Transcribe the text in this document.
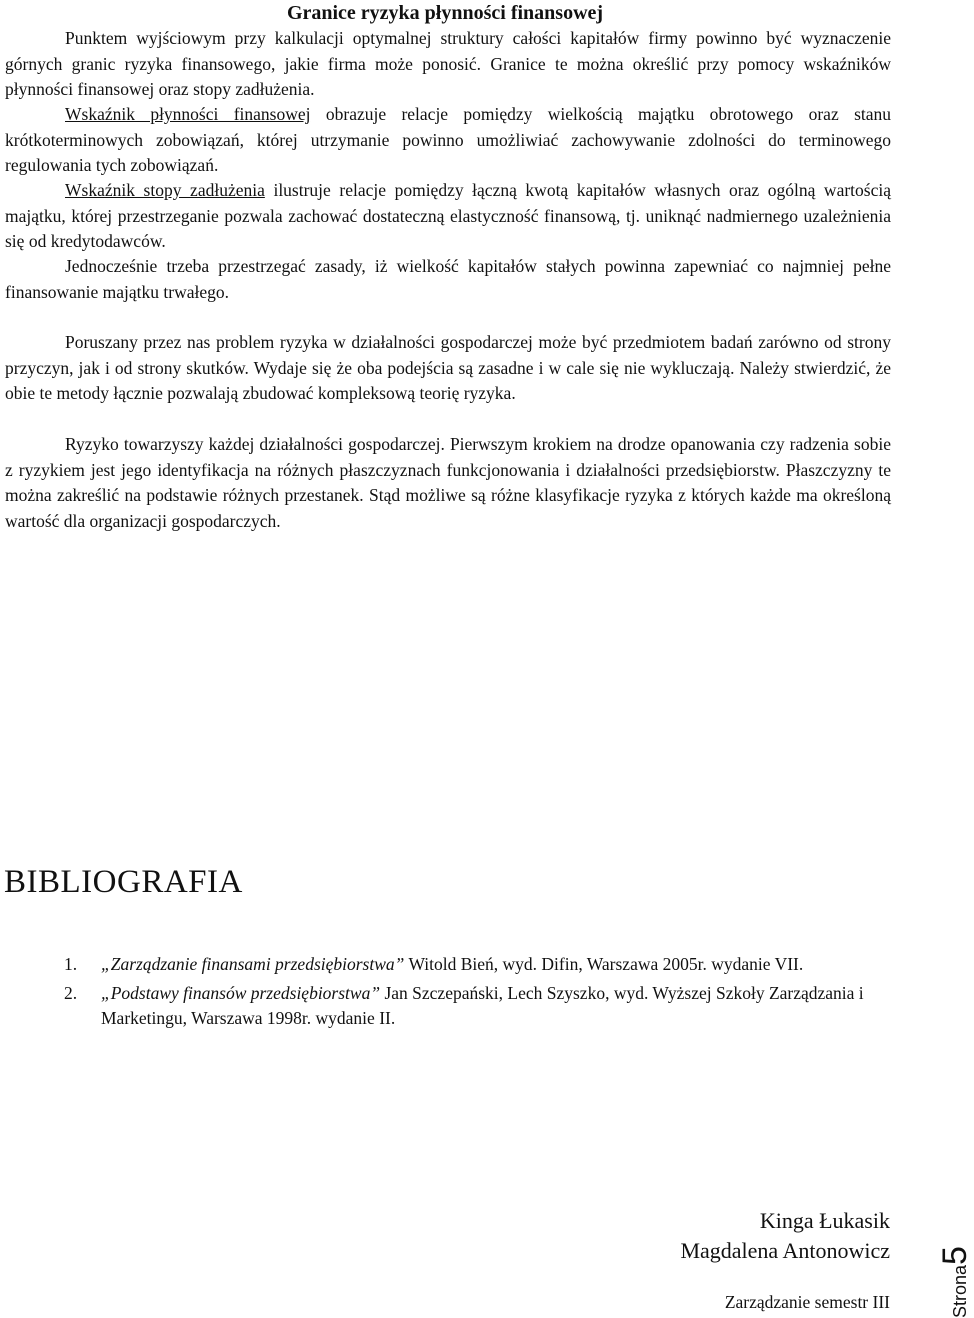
Granice ryzyka płynności finansowej

Punktem wyjściowym przy kalkulacji optymalnej struktury całości kapitałów firmy powinno być wyznaczenie górnych granic ryzyka finansowego, jakie firma może ponosić. Granice te można określić przy pomocy wskaźników płynności finansowej oraz stopy zadłużenia.

Wskaźnik płynności finansowej obrazuje relacje pomiędzy wielkością majątku obrotowego oraz stanu krótkoterminowych zobowiązań, której utrzymanie powinno umożliwiać zachowywanie zdolności do terminowego regulowania tych zobowiązań.

Wskaźnik stopy zadłużenia ilustruje relacje pomiędzy łączną kwotą kapitałów własnych oraz ogólną wartością majątku, której przestrzeganie pozwala zachować dostateczną elastyczność finansową, tj. uniknąć nadmiernego uzależnienia się od kredytodawców.

Jednocześnie trzeba przestrzegać zasady, iż wielkość kapitałów stałych powinna zapewniać co najmniej pełne finansowanie majątku trwałego.

Poruszany przez nas problem ryzyka w działalności gospodarczej może być przedmiotem badań zarówno od strony przyczyn, jak i od strony skutków. Wydaje się że oba podejścia są zasadne i w cale się nie wykluczają. Należy stwierdzić, że obie te metody łącznie pozwalają zbudować kompleksową teorię ryzyka.

Ryzyko towarzyszy każdej działalności gospodarczej. Pierwszym krokiem na drodze opanowania czy radzenia sobie z ryzykiem jest jego identyfikacja na różnych płaszczyznach funkcjonowania i działalności przedsiębiorstw. Płaszczyzny te można zakreślić na podstawie różnych przestanek. Stąd możliwe są różne klasyfikacje ryzyka z których każde ma określoną wartość dla organizacji gospodarczych.

BIBLIOGRAFIA
1. „Zarządzanie finansami przedsiębiorstwa” Witold Bień, wyd. Difin, Warszawa 2005r. wydanie VII.
2. „Podstawy finansów przedsiębiorstwa” Jan Szczepański, Lech Szyszko, wyd. Wyższej Szkoły Zarządzania i Marketingu, Warszawa 1998r. wydanie II.
Kinga Łukasik
Magdalena Antonowicz
Zarządzanie semestr III	Strona5
